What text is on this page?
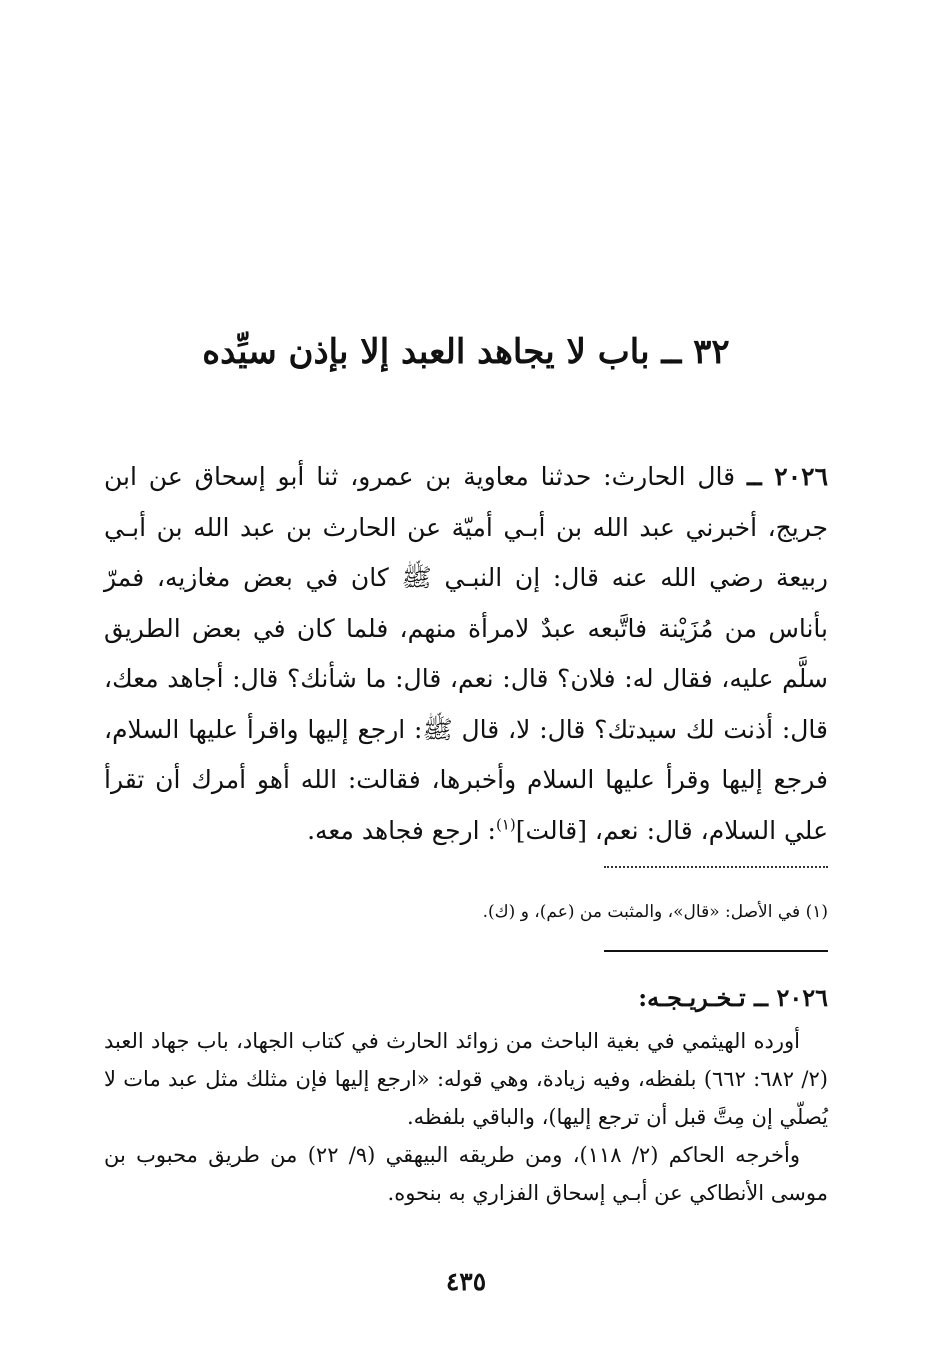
٣٢ ــ باب لا يجاهد العبد إلا بإذن سيِّده

٢٠٢٦ ــ قال الحارث: حدثنا معاوية بن عمرو، ثنا أبو إسحاق عن ابن جريج، أخبرني عبد الله بن أبـي أميّة عن الحارث بن عبد الله بن أبـي ربيعة رضي الله عنه قال: إن النبـي ﷺ كان في بعض مغازيه، فمرّ بأناس من مُزَيْنة فاتَّبعه عبدٌ لامرأة منهم، فلما كان في بعض الطريق سلَّم عليه، فقال له: فلان؟ قال: نعم، قال: ما شأنك؟ قال: أجاهد معك، قال: أذنت لك سيدتك؟ قال: لا، قال ﷺ: ارجع إليها واقرأ عليها السلام، فرجع إليها وقرأ عليها السلام وأخبرها، فقالت: الله أهو أمرك أن تقرأ علي السلام، قال: نعم، [قالت]$^{(١)}$: ارجع فجاهد معه.

(١) في الأصل: «قال»، والمثبت من (عم)، و (ك).

٢٠٢٦ ــ تـخـريـجـه:

أورده الهيثمي في بغية الباحث من زوائد الحارث في كتاب الجهاد، باب جهاد العبد (٢/ ٦٨٢: ٦٦٢) بلفظه، وفيه زيادة، وهي قوله: «ارجع إليها فإن مثلك مثل عبد مات لا يُصلّي إن مِتَّ قبل أن ترجع إليها)، والباقي بلفظه.

وأخرجه الحاكم (٢/ ١١٨)، ومن طريقه البيهقي (٩/ ٢٢) من طريق محبوب بن موسى الأنطاكي عن أبـي إسحاق الفزاري به بنحوه.

٤٣٥
